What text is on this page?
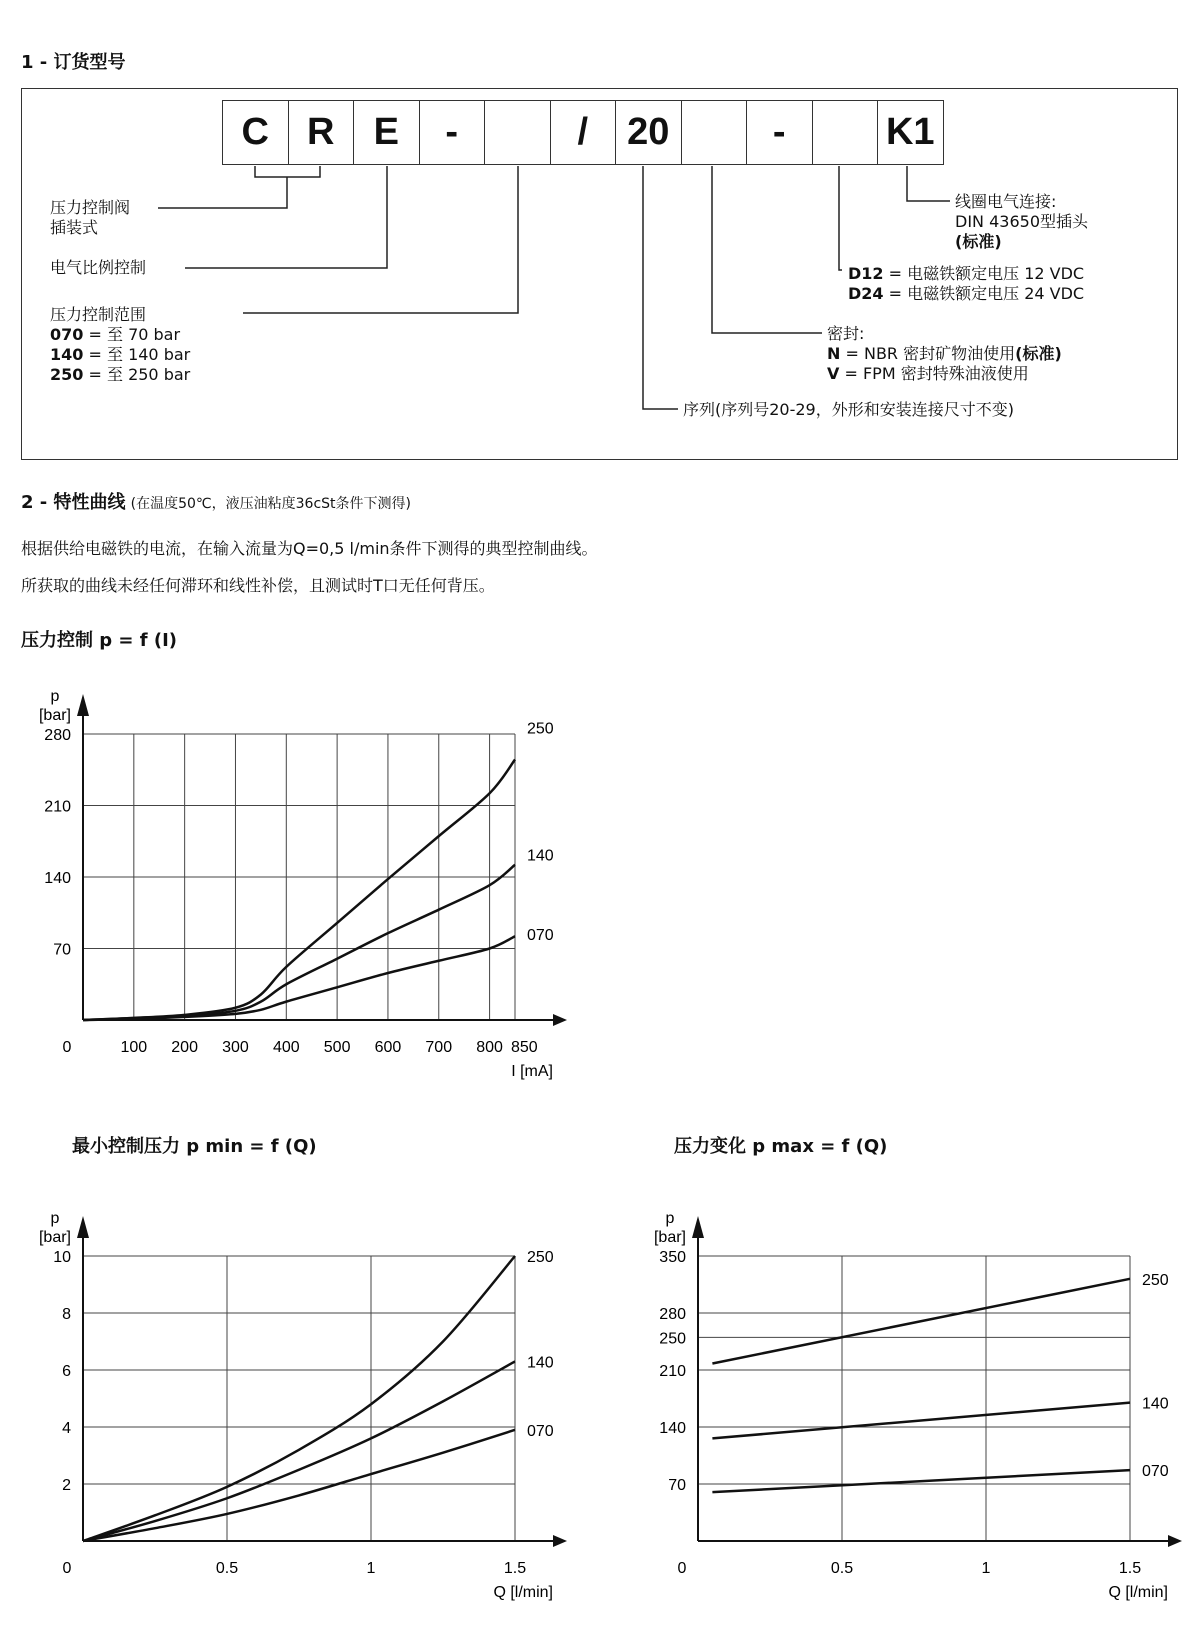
1 - 订货型号
C	R	E	-	/	20	-	K1
压力控制阀
插装式
电气比例控制
压力控制范围
070 = 至 70 bar
140 = 至 140 bar
250 = 至 250 bar
线圈电气连接:
DIN 43650型插头
(标准)
D12 = 电磁铁额定电压 12 VDC
D24 = 电磁铁额定电压 24 VDC
密封:
N = NBR 密封矿物油使用(标准)
V = FPM 密封特殊油液使用
序列(序列号20-29，外形和安装连接尺寸不变)
2 - 特性曲线 (在温度50℃，液压油粘度36cSt条件下测得)
根据供给电磁铁的电流，在输入流量为Q=0,5 l/min条件下测得的典型控制曲线。
所获取的曲线未经任何滞环和线性补偿，且测试时T口无任何背压。
压力控制 p = f (I)
最小控制压力 p min = f (Q)	压力变化 p max = f (Q)
p
[bar]
70
140
210
280
0	100 200 300 400 500 600 700 800 850
I [mA]
250
140
070
p
[bar]
2
4
6
8
10
0	0.5	1	1.5
Q [l/min]
250
140
070
p
[bar]
70
140
210
250
280
350
0	0.5	1	1.5
Q [l/min]
250
140
070
